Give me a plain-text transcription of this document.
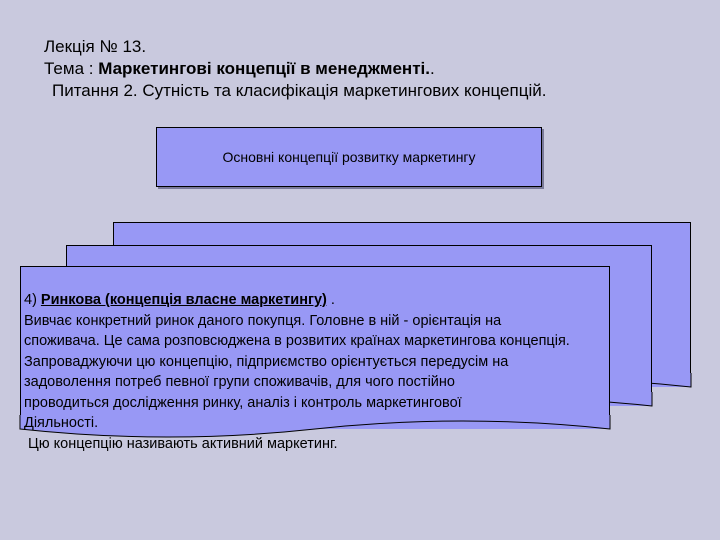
Лекція № 13.
Тема : Маркетингові концепції в менеджменті..
Питання 2. Сутність та класифікація маркетингових концепцій.
Основні концепції розвитку маркетингу
4) Ринкова (концепція власне маркетингу) .
Вивчає конкретний ринок даного покупця. Головне в ній - орієнтація на
споживача. Це сама розповсюджена в розвитих країнах маркетингова концепція.
Запроваджуючи цю концепцію, підприємство орієнтується передусім на
задоволення потреб певної групи споживачів, для чого постійно
проводиться дослідження ринку, аналіз і контроль маркетингової
Діяльності.
Цю концепцію називають активний маркетинг.
